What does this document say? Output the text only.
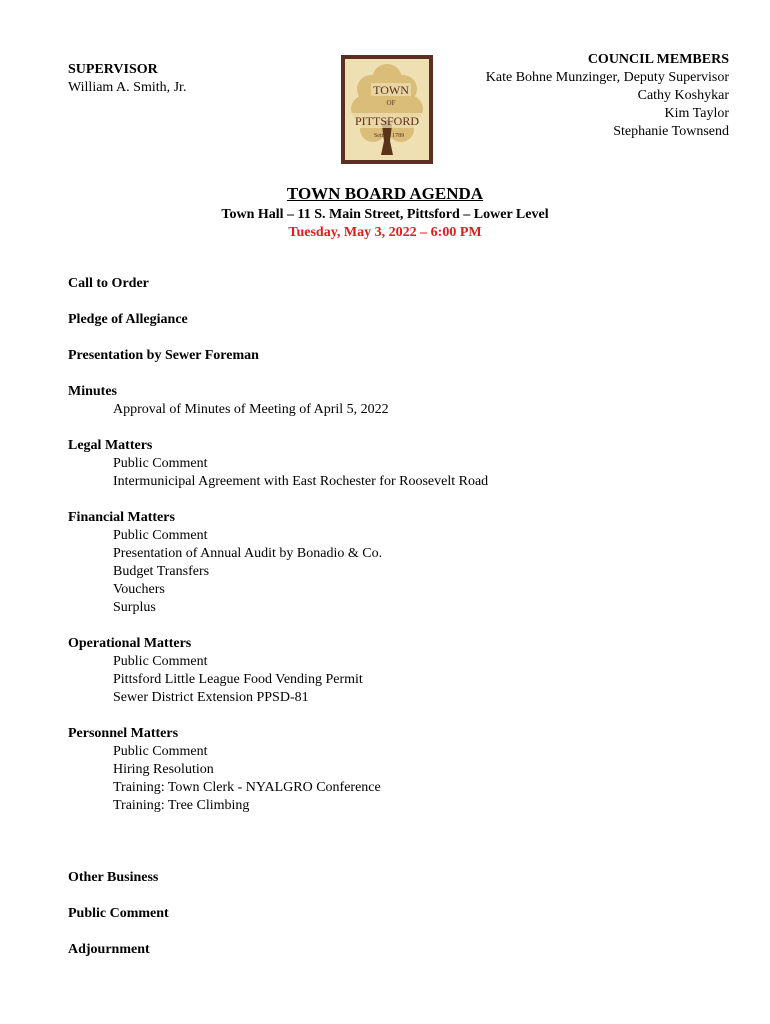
SUPERVISOR
William A. Smith, Jr.	TOWN
OF
PITTSFORD
Settled 1789
COUNCIL MEMBERS
Kate Bohne Munzinger, Deputy Supervisor
Cathy Koshykar
Kim Taylor
Stephanie Townsend
TOWN BOARD AGENDA
Town Hall – 11 S. Main Street, Pittsford – Lower Level
Tuesday, May 3, 2022 – 6:00 PM
Call to Order
Pledge of Allegiance
Presentation by Sewer Foreman
Minutes
Approval of Minutes of Meeting of April 5, 2022
Legal Matters
Public Comment
Intermunicipal Agreement with East Rochester for Roosevelt Road
Financial Matters
Public Comment
Presentation of Annual Audit by Bonadio & Co.
Budget Transfers
Vouchers
Surplus
Operational Matters
Public Comment
Pittsford Little League Food Vending Permit
Sewer District Extension PPSD-81
Personnel Matters
Public Comment
Hiring Resolution
Training: Town Clerk - NYALGRO Conference
Training: Tree Climbing

Other Business
Public Comment
Adjournment
